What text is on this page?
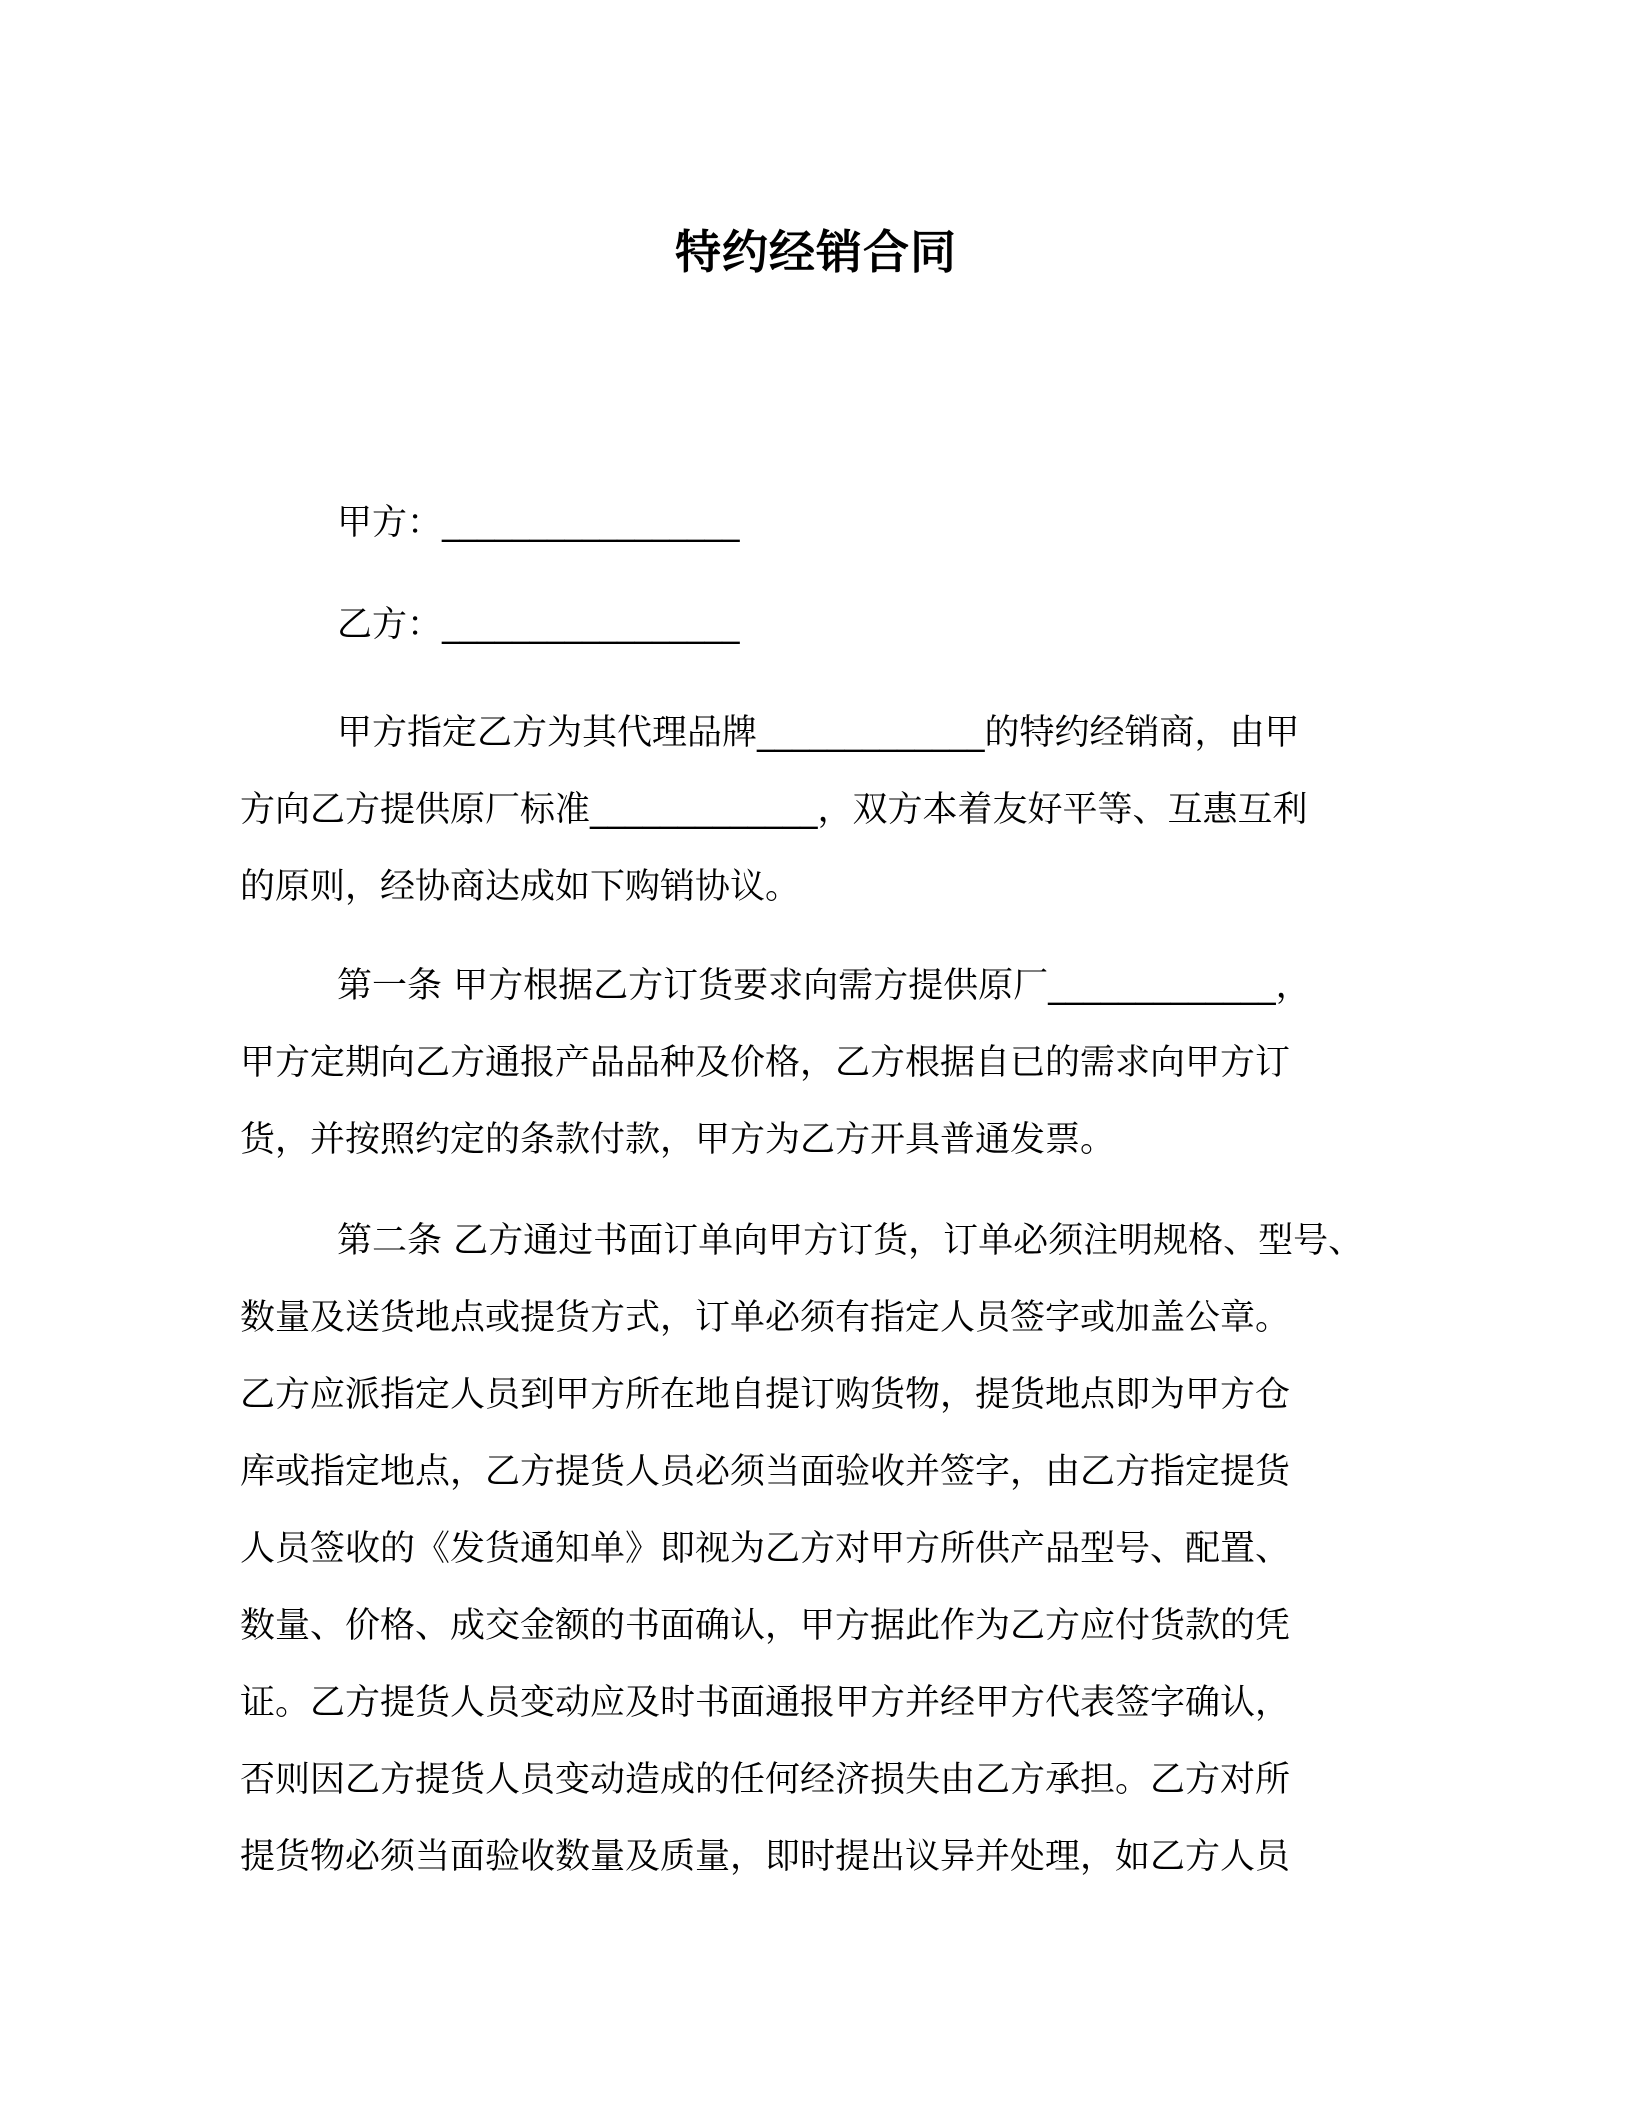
特约经销合同
甲方：_________________
乙方：_________________
甲方指定乙方为其代理品牌_____________的特约经销商，由甲
方向乙方提供原厂标准_____________，双方本着友好平等、互惠互利
的原则，经协商达成如下购销协议。
第一条 甲方根据乙方订货要求向需方提供原厂_____________，
甲方定期向乙方通报产品品种及价格，乙方根据自已的需求向甲方订
货，并按照约定的条款付款，甲方为乙方开具普通发票。
第二条 乙方通过书面订单向甲方订货，订单必须注明规格、型号、
数量及送货地点或提货方式，订单必须有指定人员签字或加盖公章。
乙方应派指定人员到甲方所在地自提订购货物，提货地点即为甲方仓
库或指定地点，乙方提货人员必须当面验收并签字，由乙方指定提货
人员签收的《发货通知单》即视为乙方对甲方所供产品型号、配置、
数量、价格、成交金额的书面确认，甲方据此作为乙方应付货款的凭
证。乙方提货人员变动应及时书面通报甲方并经甲方代表签字确认，
否则因乙方提货人员变动造成的任何经济损失由乙方承担。乙方对所
提货物必须当面验收数量及质量，即时提出议异并处理，如乙方人员
